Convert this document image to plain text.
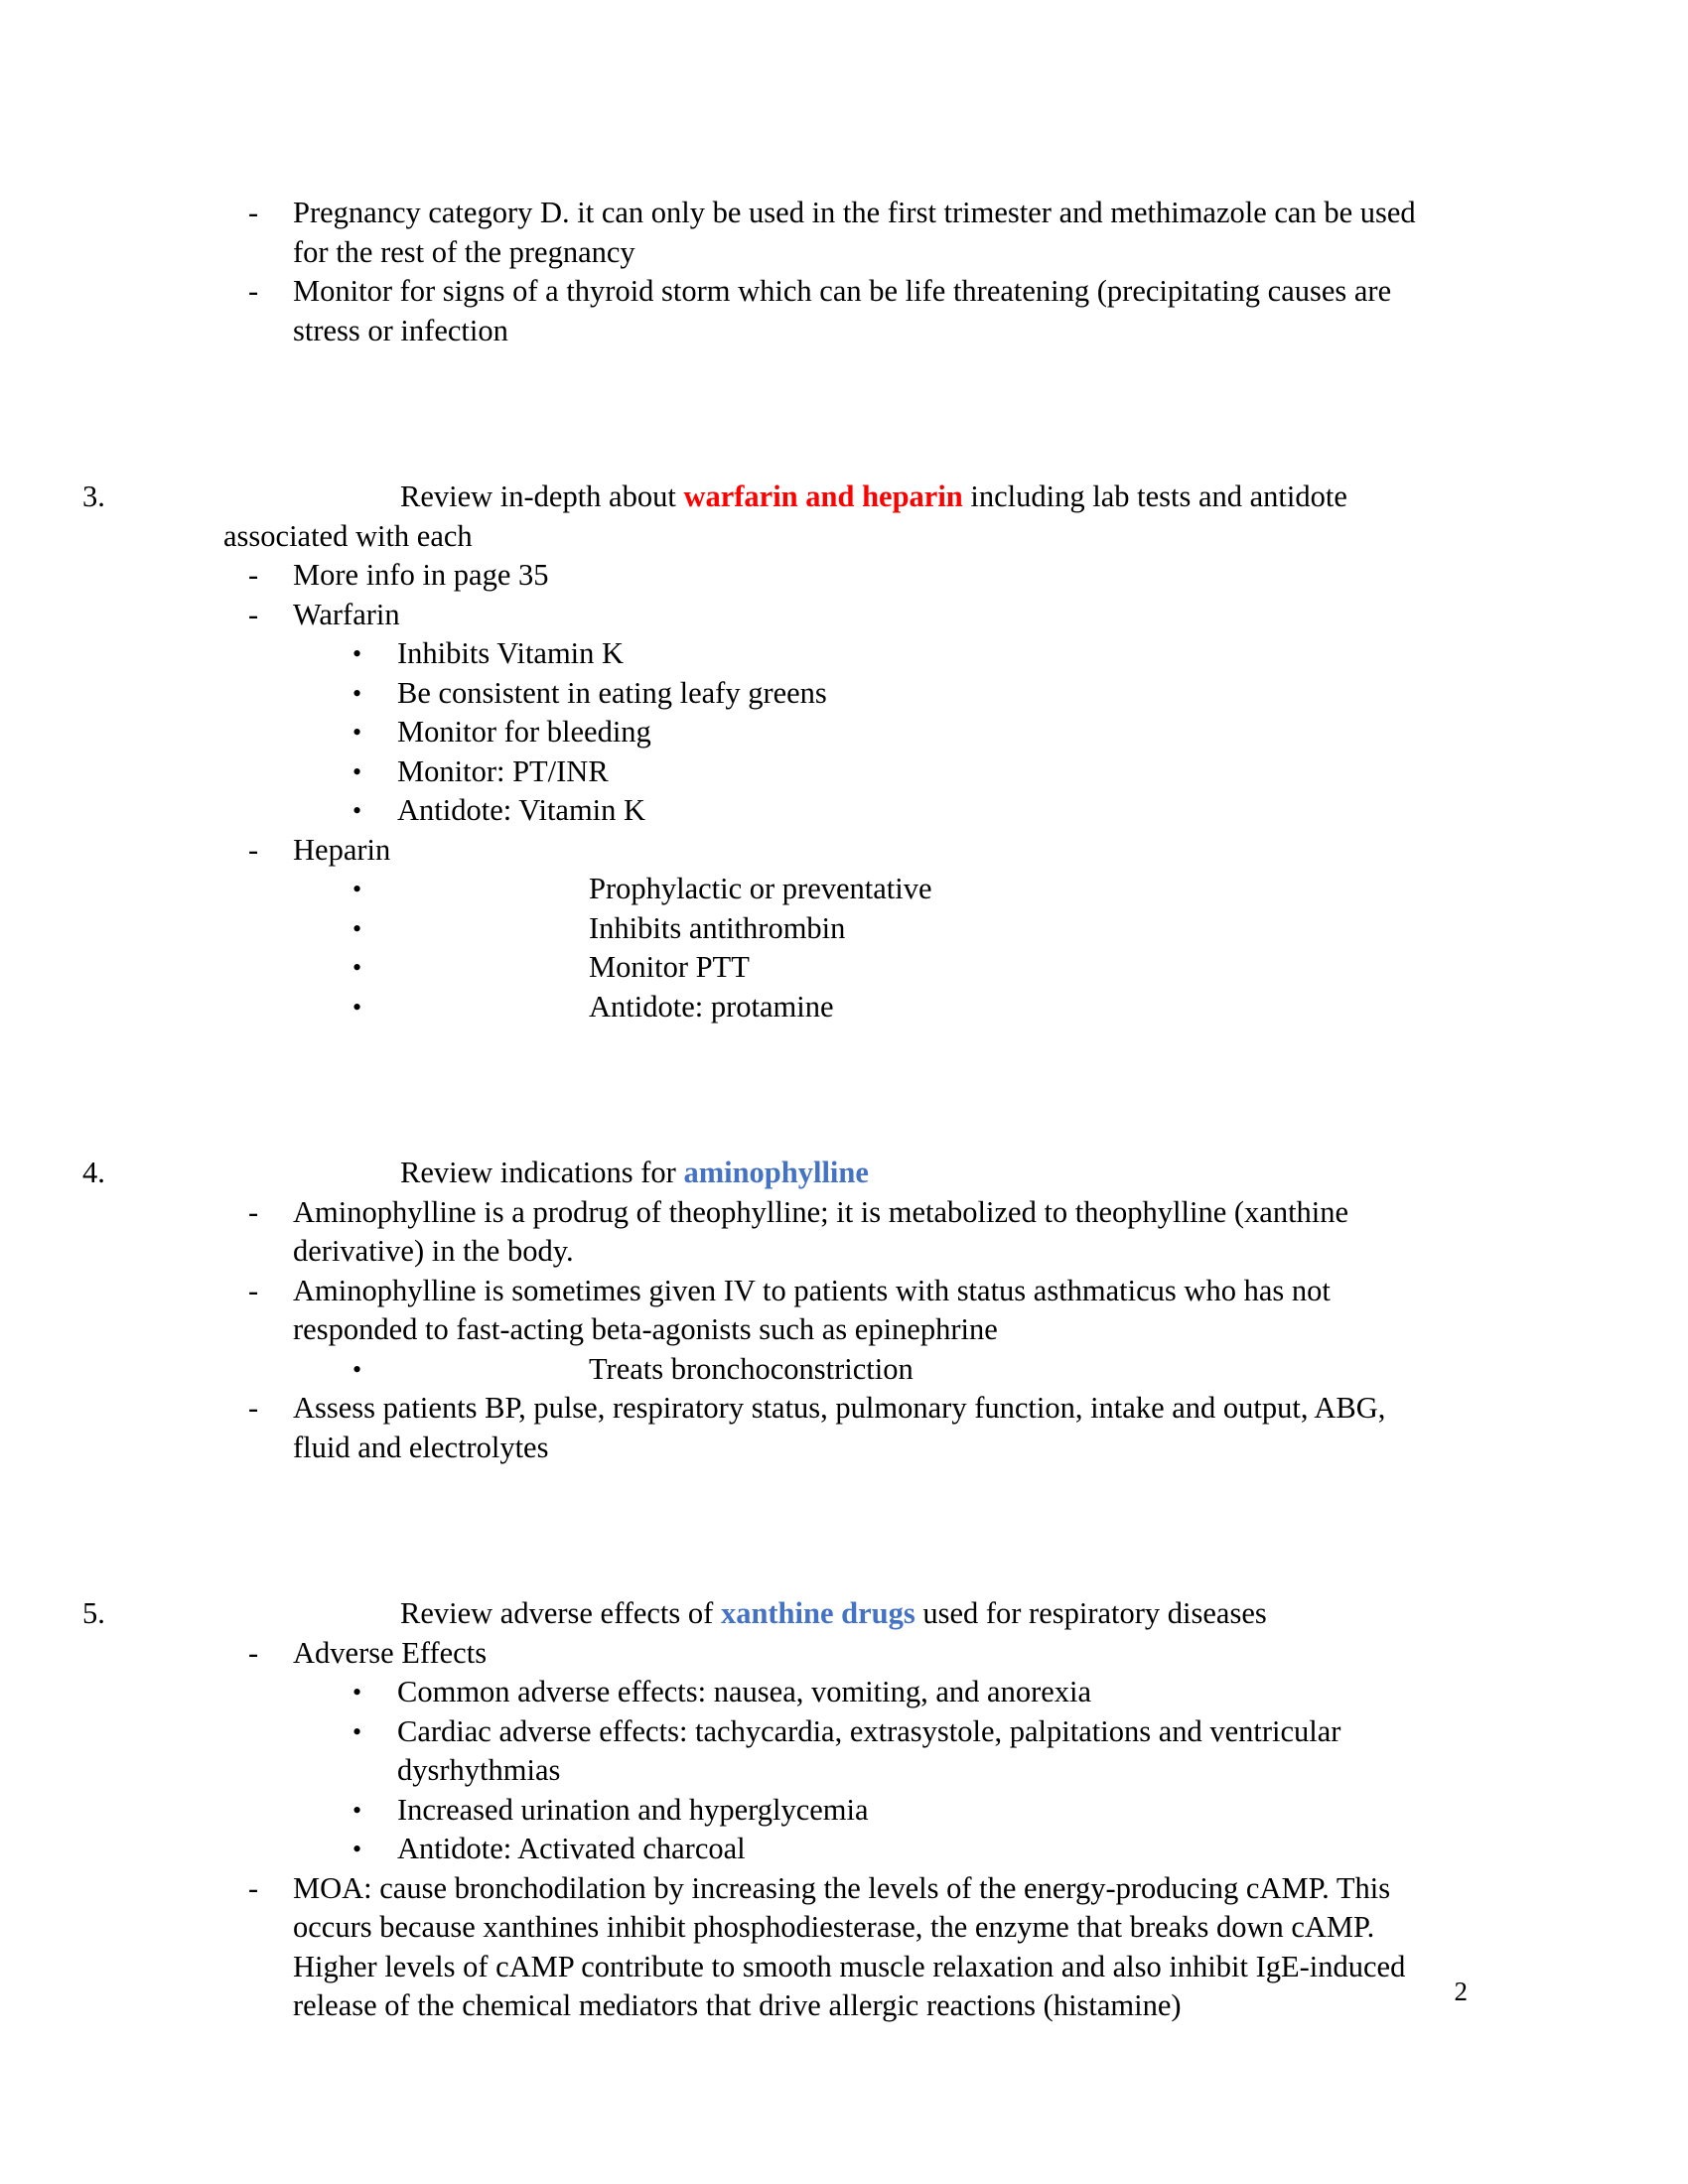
-	Pregnancy category D. it can only be used in the first trimester and methimazole can be used for the rest of the pregnancy
-	Monitor for signs of a thyroid storm which can be life threatening (precipitating causes are stress or infection
3.	Review in-depth about warfarin and heparin including lab tests and antidote
associated with each
-	More info in page 35
-	Warfarin
•	Inhibits Vitamin K
•	Be consistent in eating leafy greens
•	Monitor for bleeding
•	Monitor: PT/INR
•	Antidote: Vitamin K
-	Heparin
•	Prophylactic or preventative
•	Inhibits antithrombin
•	Monitor PTT
•	Antidote: protamine
4.	Review indications for aminophylline
-	Aminophylline is a prodrug of theophylline; it is metabolized to theophylline (xanthine derivative) in the body.
-	Aminophylline is sometimes given IV to patients with status asthmaticus who has not responded to fast-acting beta-agonists such as epinephrine
•	Treats bronchoconstriction
-	Assess patients BP, pulse, respiratory status, pulmonary function, intake and output, ABG, fluid and electrolytes
5.	Review adverse effects of xanthine drugs used for respiratory diseases
-	Adverse Effects
•	Common adverse effects: nausea, vomiting, and anorexia
•	Cardiac adverse effects: tachycardia, extrasystole, palpitations and ventricular dysrhythmias
•	Increased urination and hyperglycemia
•	Antidote: Activated charcoal
-	MOA: cause bronchodilation by increasing the levels of the energy-producing cAMP. This occurs because xanthines inhibit phosphodiesterase, the enzyme that breaks down cAMP. Higher levels of cAMP contribute to smooth muscle relaxation and also inhibit IgE-induced release of the chemical mediators that drive allergic reactions (histamine)	2
